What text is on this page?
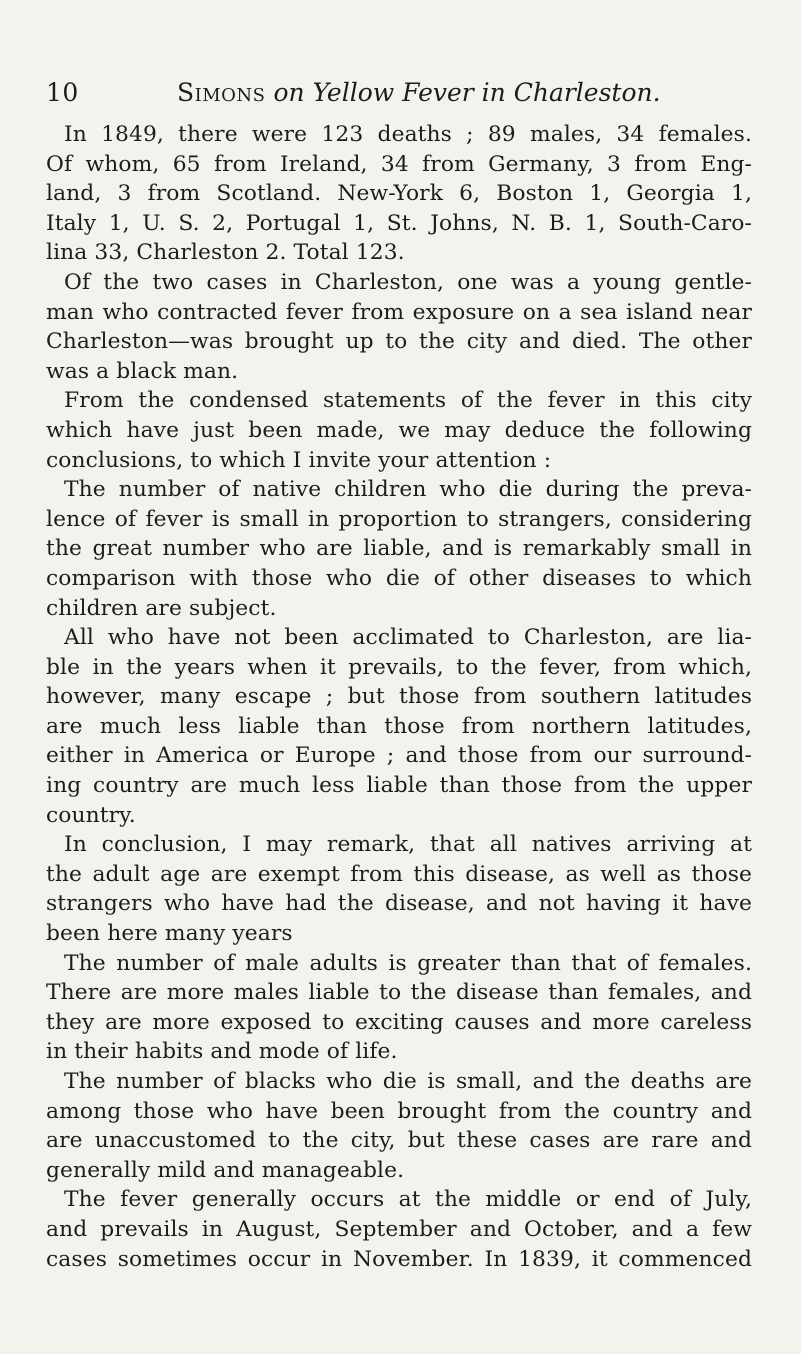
10	Simons on Yellow Fever in Charleston.
In 1849, there were 123 deaths ; 89 males, 34 females.
Of whom, 65 from Ireland, 34 from Germany, 3 from Eng-
land, 3 from Scotland. New-York 6, Boston 1, Georgia 1,
Italy 1, U. S. 2, Portugal 1, St. Johns, N. B. 1, South-Caro-
lina 33, Charleston 2. Total 123.
Of the two cases in Charleston, one was a young gentle-
man who contracted fever from exposure on a sea island near
Charleston—was brought up to the city and died. The other
was a black man.
From the condensed statements of the fever in this city
which have just been made, we may deduce the following
conclusions, to which I invite your attention :
The number of native children who die during the preva-
lence of fever is small in proportion to strangers, considering
the great number who are liable, and is remarkably small in
comparison with those who die of other diseases to which
children are subject.
All who have not been acclimated to Charleston, are lia-
ble in the years when it prevails, to the fever, from which,
however, many escape ; but those from southern latitudes
are much less liable than those from northern latitudes,
either in America or Europe ; and those from our surround-
ing country are much less liable than those from the upper
country.
In conclusion, I may remark, that all natives arriving at
the adult age are exempt from this disease, as well as those
strangers who have had the disease, and not having it have
been here many years
The number of male adults is greater than that of females.
There are more males liable to the disease than females, and
they are more exposed to exciting causes and more careless
in their habits and mode of life.
The number of blacks who die is small, and the deaths are
among those who have been brought from the country and
are unaccustomed to the city, but these cases are rare and
generally mild and manageable.
The fever generally occurs at the middle or end of July,
and prevails in August, September and October, and a few
cases sometimes occur in November. In 1839, it commenced
